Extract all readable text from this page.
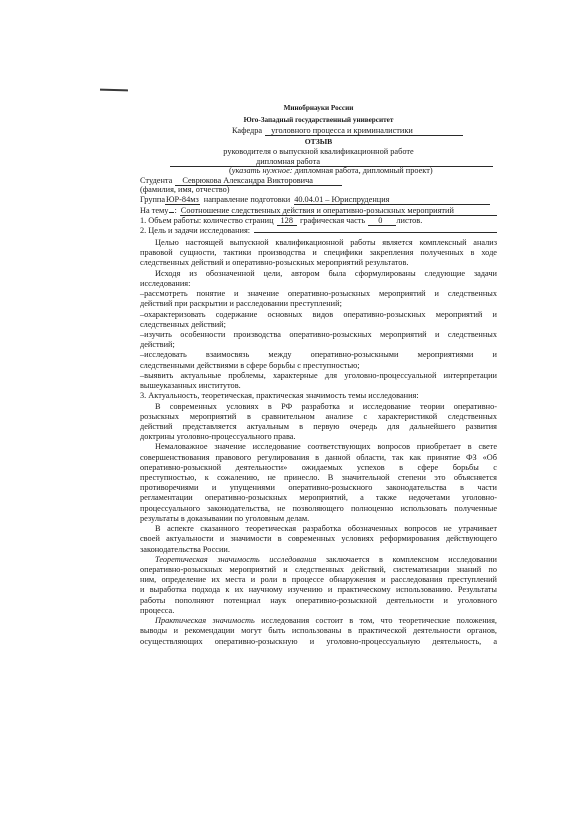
Минобрнауки России
Юго-Западный государственный университет
Кафедра	уголовного процесса и криминалистики
ОТЗЫВ
руководителя о выпускной квалификационной работе
дипломная работа
(указать нужное: дипломная работа, дипломный проект)
Студента	Севрюкова Александра Викторовича
(фамилия, имя, отчество)
Группа ЮР-84мз направление подготовки 40.04.01 – Юриспруденция
На тему : Соотношение следственных действия и оперативно-розыскных мероприятий
1. Объем работы: количество страниц 128 графическая часть	0	листов.
2. Цель и задачи исследования:
Целью настоящей выпускной квалификационной работы является комплексный анализ
правовой сущности, тактики производства и специфики закрепления полученных в ходе
следственных действий и оперативно-розыскных мероприятий результатов.
Исходя из обозначенной цели, автором была сформулированы следующие задачи
исследования:
–рассмотреть понятие и значение оперативно-розыскных мероприятий и следственных
действий при раскрытии и расследовании преступлений;
–охарактеризовать содержание основных видов оперативно-розыскных мероприятий и
следственных действий;
–изучить особенности производства оперативно-розыскных мероприятий и следственных
действий;
–исследовать взаимосвязь между оперативно-розыскными мероприятиями и
следственными действиями в сфере борьбы с преступностью;
–выявить актуальные проблемы, характерные для уголовно-процессуальной интерпретации
вышеуказанных институтов.
3. Актуальность, теоретическая, практическая значимость темы исследования:
В современных условиях в РФ разработка и исследование теории оперативно-
розыскных мероприятий в сравнительном анализе с характеристикой следственных
действий представляется актуальным в первую очередь для дальнейшего развития
доктрины уголовно-процессуального права.
Немаловажное значение исследование соответствующих вопросов приобретает в свете
совершенствования правового регулирования в данной области, так как принятие ФЗ «Об
оперативно-розыскной деятельности» ожидаемых успехов в сфере борьбы с
преступностью, к сожалению, не принесло. В значительной степени это объясняется
противоречиями и упущениями оперативно-розыскного законодательства в части
регламентации оперативно-розыскных мероприятий, а также недочетами уголовно-
процессуального законодательства, не позволяющего полноценно использовать полученные
результаты в доказывании по уголовным делам.
В аспекте сказанного теоретическая разработка обозначенных вопросов не утрачивает
своей актуальности и значимости в современных условиях реформирования действующего
законодательства России.
Теоретическая значимость исследования заключается в комплексном исследовании
оперативно-розыскных мероприятий и следственных действий, систематизации знаний по
ним, определение их места и роли в процессе обнаружения и расследования преступлений
и выработка подхода к их научному изучению и практическому использованию. Результаты
работы пополняют потенциал наук оперативно-розыскной деятельности и уголовного
процесса.
Практическая значимость исследования состоит в том, что теоретические положения,
выводы и рекомендации могут быть использованы в практической деятельности органов,
осуществляющих оперативно-розыскную и уголовно-процессуальную деятельность, а
